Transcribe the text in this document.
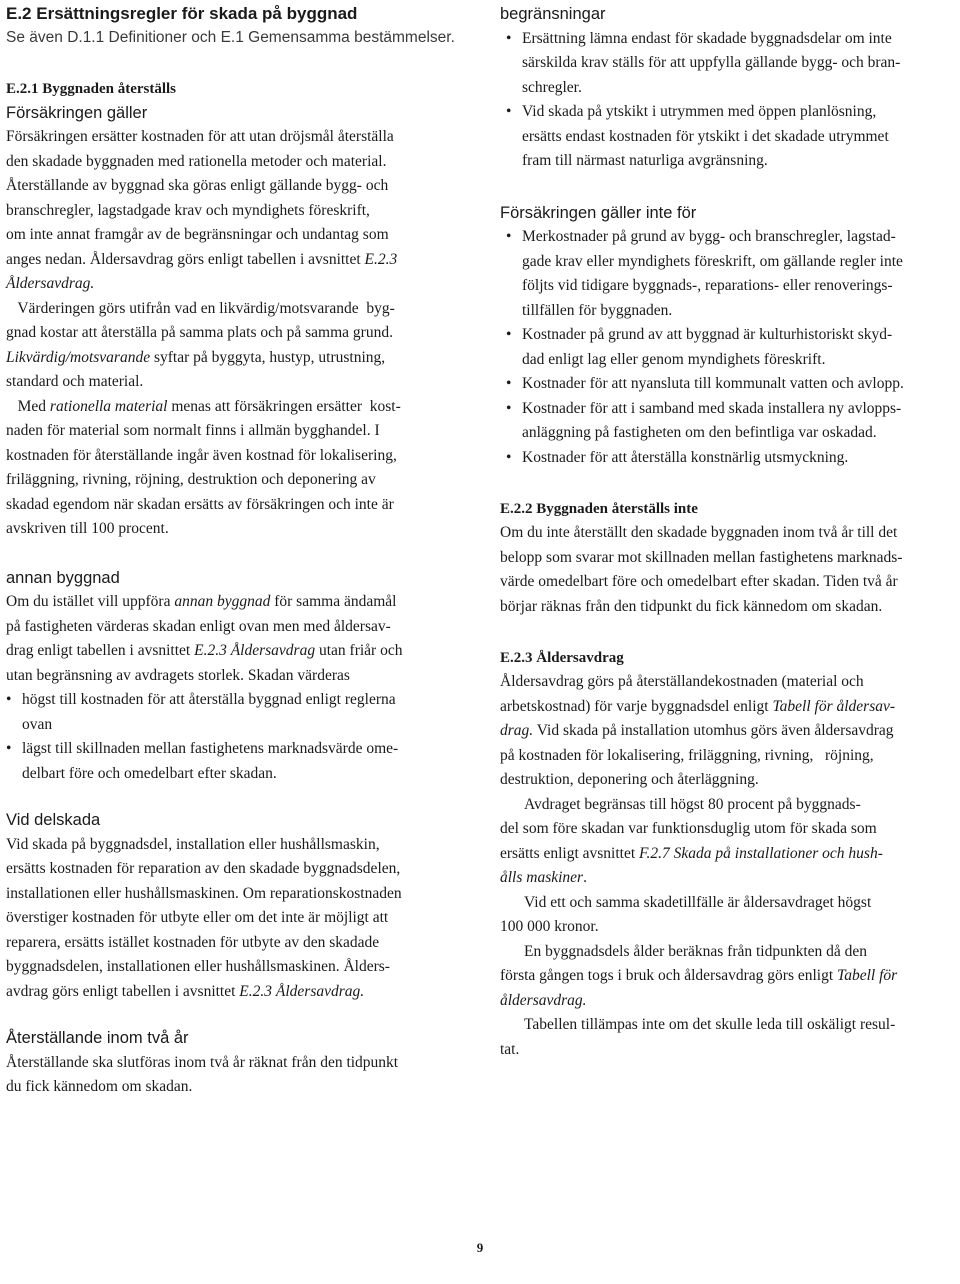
E.2 Ersättningsregler för skada på byggnad

Se även D.1.1 Definitioner och E.1 Gemensamma bestämmelser.

E.2.1 Byggnaden återställs

Försäkringen gäller

Försäkringen ersätter kostnaden för att utan dröjsmål återställa

den skadade byggnaden med rationella metoder och material.

Återställande av byggnad ska göras enligt gällande bygg- och

branschregler, lagstadgade krav och myndighets föreskrift,

om inte annat framgår av de begränsningar och undantag som

anges nedan. Åldersavdrag görs enligt tabellen i avsnittet E.2.3

Åldersavdrag.

Värderingen görs utifrån vad en likvärdig/motsvarande  byg-

gnad kostar att återställa på samma plats och på samma grund.

Likvärdig/motsvarande syftar på byggyta, hustyp, utrustning,

standard och material.

Med rationella material menas att försäkringen ersätter  kost-

naden för material som normalt finns i allmän bygghandel. I

kostnaden för återställande ingår även kostnad för lokalisering,

friläggning, rivning, röjning, destruktion och deponering av

skadad egendom när skadan ersätts av försäkringen och inte är

avskriven till 100 procent.

annan byggnad

Om du istället vill uppföra annan byggnad för samma ändamål

på fastigheten värderas skadan enligt ovan men med åldersav-

drag enligt tabellen i avsnittet E.2.3 Åldersavdrag utan friår och

utan begränsning av avdragets storlek. Skadan värderas

• högst till kostnaden för att återställa byggnad enligt reglerna

ovan

• lägst till skillnaden mellan fastighetens marknadsvärde ome-

delbart före och omedelbart efter skadan.

Vid delskada

Vid skada på byggnadsdel, installation eller hushållsmaskin,

ersätts kostnaden för reparation av den skadade byggnadsdelen,

installationen eller hushållsmaskinen. Om reparationskostnaden

överstiger kostnaden för utbyte eller om det inte är möjligt att

reparera, ersätts istället kostnaden för utbyte av den skadade

byggnadsdelen, installationen eller hushållsmaskinen. Ålders-

avdrag görs enligt tabellen i avsnittet E.2.3 Åldersavdrag.

Återställande inom två år

Återställande ska slutföras inom två år räknat från den tidpunkt

du fick kännedom om skadan.

begränsningar

• Ersättning lämna endast för skadade byggnadsdelar om inte

särskilda krav ställs för att uppfylla gällande bygg- och bran-

schregler.

• Vid skada på ytskikt i utrymmen med öppen planlösning,

ersätts endast kostnaden för ytskikt i det skadade utrymmet

fram till närmast naturliga avgränsning.

Försäkringen gäller inte för

• Merkostnader på grund av bygg- och branschregler, lagstad-

gade krav eller myndighets föreskrift, om gällande regler inte

följts vid tidigare byggnads-, reparations- eller renoverings-

tillfällen för byggnaden.

• Kostnader på grund av att byggnad är kulturhistoriskt skyd-

dad enligt lag eller genom myndighets föreskrift.

• Kostnader för att nyansluta till kommunalt vatten och avlopp.

• Kostnader för att i samband med skada installera ny avlopps-

anläggning på fastigheten om den befintliga var oskadad.

• Kostnader för att återställa konstnärlig utsmyckning.

E.2.2 Byggnaden återställs inte

Om du inte återställt den skadade byggnaden inom två år till det

belopp som svarar mot skillnaden mellan fastighetens marknads-

värde omedelbart före och omedelbart efter skadan. Tiden två år

börjar räknas från den tidpunkt du fick kännedom om skadan.

E.2.3 Åldersavdrag

Åldersavdrag görs på återställandekostnaden (material och

arbetskostnad) för varje byggnadsdel enligt Tabell för åldersav-

drag. Vid skada på installation utomhus görs även åldersavdrag

på kostnaden för lokalisering, friläggning, rivning,   röjning,

destruktion, deponering och återläggning.

Avdraget begränsas till högst 80 procent på byggnads-

del som före skadan var funktionsduglig utom för skada som

ersätts enligt avsnittet F.2.7 Skada på installationer och hush-

ålls maskiner.

Vid ett och samma skadetillfälle är åldersavdraget högst

100 000 kronor.

En byggnadsdels ålder beräknas från tidpunkten då den

första gången togs i bruk och åldersavdrag görs enligt Tabell för

åldersavdrag.

Tabellen tillämpas inte om det skulle leda till oskäligt resul-

tat.

9
